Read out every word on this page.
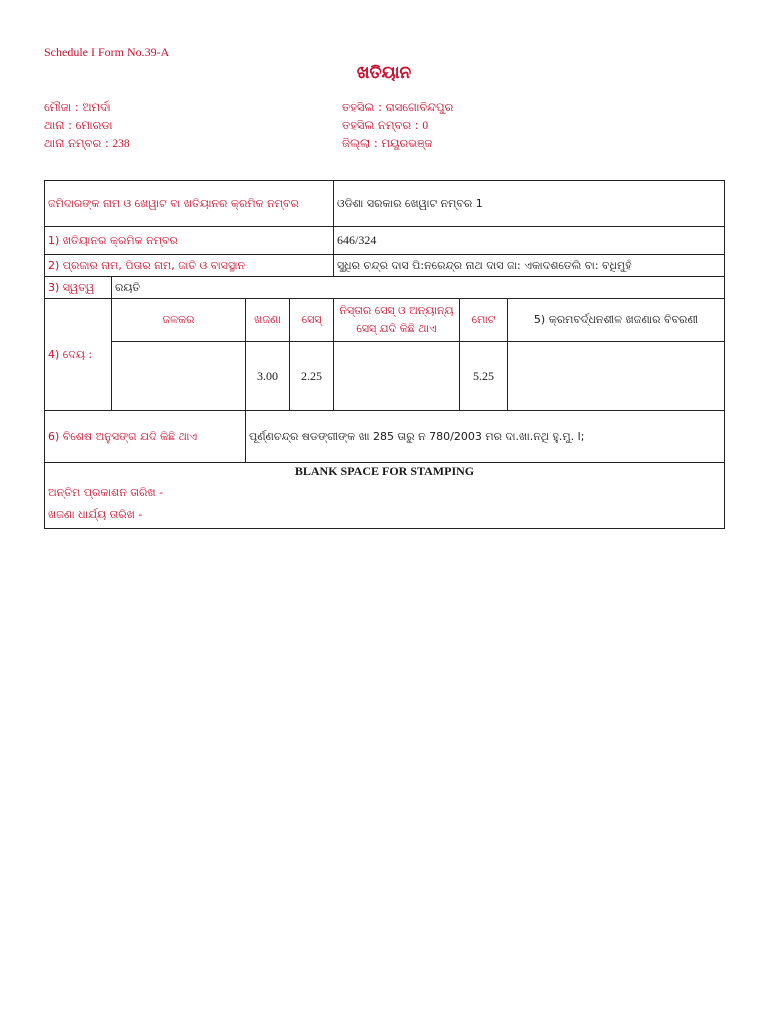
Schedule I Form No.39-A
ଖତିୟାନ
ମୌଜା : ଅମର୍ଦା
ଥାନା : ମୋରଡା
ଥାନା ନମ୍ବର : 238
ତହସିଲ : ରାସଗୋବିନ୍ଦପୁର
ତହସିଲ ନମ୍ବର : 0
ଜିଲ୍ଲା : ମୟୂରଭଞ୍ଜ
ଜମିଦାରଙ୍କ ନାମ ଓ ଖେୱାଟ ବା ଖତିୟାନର କ୍ରମିକ ନମ୍ବର				ଓଡିଶା ସରକାର ଖେୱାଟ ନମ୍ବର 1		
1) ଖତିୟାନର କ୍ରମିକ ନମ୍ବର				646/324		
2) ପ୍ରଜାର ନାମ, ପିତାର ନାମ, ଜାତି ଓ ବାସସ୍ଥାନ				ସୁଧିର ଚନ୍ଦ୍ର ଦାସ ପି:ନରେନ୍ଦ୍ର ନାଥ ଦାସ ଜା: ଏକାଦଶତେଲି ବା: ବଧିମୁହଁ		
3) ସ୍ୱତ୍ୱ	ରୟତି					
4) ଦେୟ :	ଜଳକର	ଖଜଣା	ସେସ୍	ନିସ୍ତାର ସେସ୍ ଓ ଅନ୍ୟାନ୍ୟ ସେସ୍ ଯଦି କିଛି ଥାଏ	ମୋଟ	5) କ୍ରମବର୍ଦ୍ଧନଶୀଳ ଖଜଣାର ବିବରଣୀ
		3.00	2.25		5.25	
6) ବିଶେଷ ଅନୁସଙ୍ଗ ଯଦି କିଛି ଥାଏ		ପୂର୍ଣ୍ଣଚନ୍ଦ୍ର ଷଡଙ୍ଗୀଙ୍କ ଖା 285 ତାରୁ ନ 780/2003 ମର ଦା.ଖା.ନଥି ହୁ.ମୁ. l;				

BLANK SPACE FOR STAMPING
ଅନ୍ତିମ ପ୍ରକାଶନ ତାରିଖ -
ଖଜଣା ଧାର୍ଯ୍ୟ ତାରିଖ -						
